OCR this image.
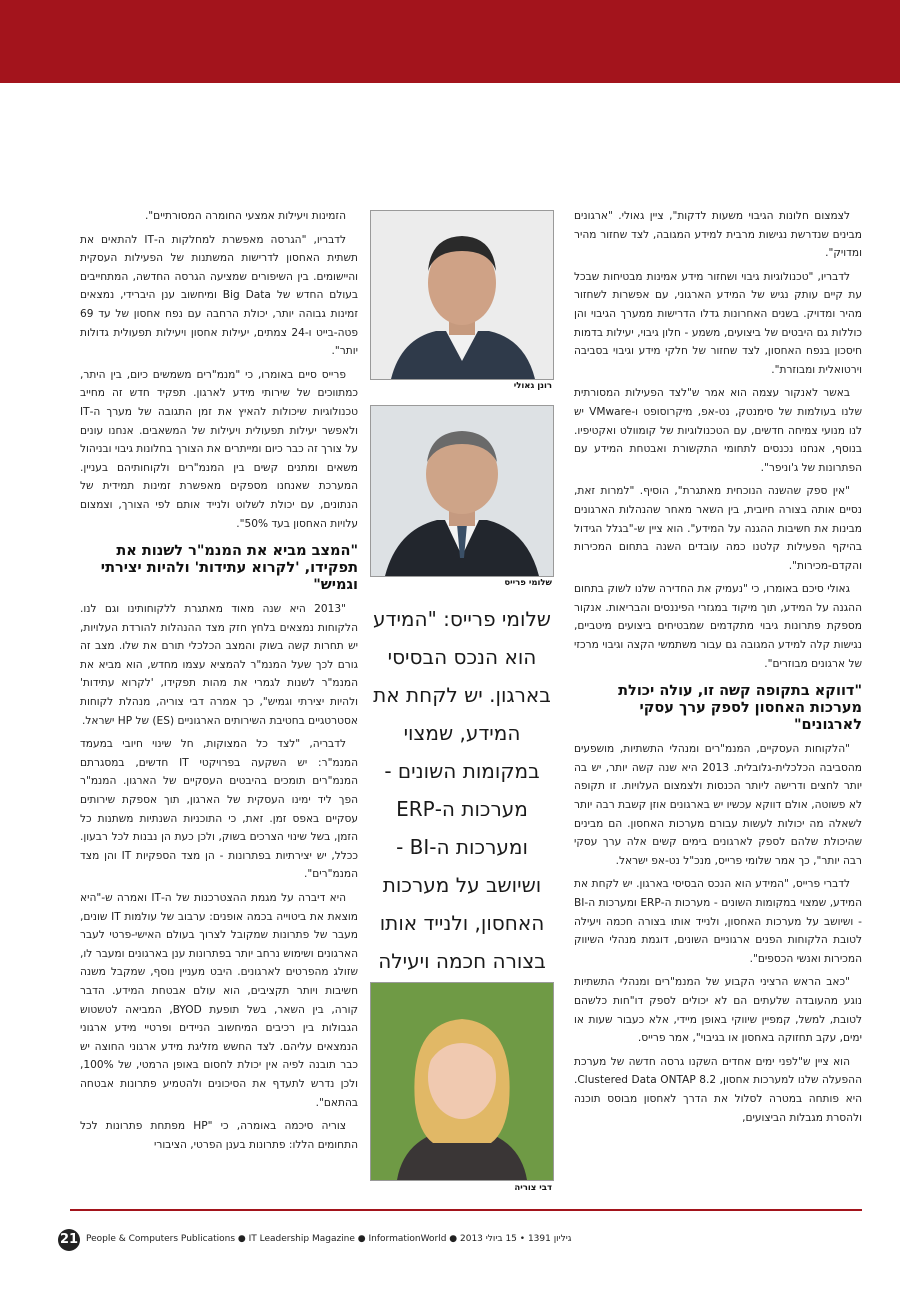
לצמצום חלונות הגיבוי משעות לדקות", ציין גאולי. "ארגונים מבינים שנדרשת נגישות מרבית למידע המגובה, לצד שחזור מהיר ומדויק".

לדבריו, "טכנולוגיות גיבוי ושחזור מידע אמינות מבטיחות שבכל עת קיים עותק נגיש של המידע הארגוני, עם אפשרות לשחזור מהיר ומדויק. בשנים האחרונות גדלו הדרישות ממערך הגיבוי והן כוללות גם היבטים של ביצועים, משמע - חלון גיבוי, יעילות בדמות חיסכון בנפח האחסון, לצד שחזור של חלקי מידע וגיבוי בסביבה וירטואלית ומבוזרת".

באשר לאנקור עצמה הוא אמר ש"לצד הפעילות המסורתית שלנו בעולמות של סימנטק, נט-אפ, מיקרוסופט ו-VMware יש לנו מנועי צמיחה חדשים, עם הטכנולוגיות של קומוולט ואקטיפיו. בנוסף, אנחנו נכנסים לתחומי התקשורת ואבטחת המידע עם הפתרונות של ג'וניפר".

"אין ספק שהשנה הנוכחית מאתגרת", הוסיף. "למרות זאת, נסיים אותה בצורה חיובית, בין השאר מאחר שהנהלות הארגונים מבינות את חשיבות ההגנה על המידע". הוא ציין ש-"בגלל הגידול בהיקף הפעילות קלטנו כמה עובדים השנה בתחום המכירות והקדם-מכירות".

גאולי סיכם באומרו, כי "נעמיק את החדירה שלנו לשוק בתחום ההגנה על המידע, תוך מיקוד במגזרי הפיננסים והבריאות. אנקור מספקת פתרונות גיבוי מתקדמים שמבטיחים ביצועים מיטביים, נגישות קלה למידע המגובה גם עבור משתמשי הקצה וגיבוי מרכזי של ארגונים מבוזרים".

"דווקא בתקופה קשה זו, עולה יכולת מערכות האחסון לספק ערך עסקי לארגונים"

"הלקוחות העסקיים, המנמ"רים ומנהלי התשתיות, מושפעים מהסביבה הכלכלית-גלובלית. 2013 היא שנה קשה יותר, יש בה יותר לחצים ודרישה ליותר הכנסות ולצמצום העלויות. זו תקופה לא פשוטה, אולם דווקא עכשיו יש בארגונים אוזן קשבת רבה יותר לשאלה מה יכולות לעשות עבורם מערכות האחסון. הם מבינים שהיכולת שלהם לספק לארגונים בימים קשים אלה ערך עסקי רבה יותר", כך אמר שלומי פרייס, מנכ"ל נט-אפ ישראל.

לדברי פרייס, "המידע הוא הנכס הבסיסי בארגון. יש לקחת את המידע, שמצוי במקומות השונים - מערכות ה-ERP ומערכות ה-BI - ושיושב על מערכות האחסון, ולנייד אותו בצורה חכמה ויעילה לטובת הלקוחות הפנים ארגוניים השונים, דוגמת מנהלי השיווק המכירות ואנשי הכספים".

"כאב הראש הרציני הקבוע של המנמ"רים ומנהלי התשתיות נוגע מהעובדה שלעתים הם לא יכולים לספק דו"חות כלשהם לטובת, למשל, קמפיין שיווקי באופן מיידי, אלא כעבור שעות או ימים, עקב תחזוקה באחסון או בגיבוי", אמר פרייס.

הוא ציין ש"לפני ימים אחדים השקנו גרסה חדשה של מערכת ההפעלה שלנו למערכות אחסון, Clustered Data ONTAP 8.2. היא פותחה במטרה לסלול את הדרך לאחסון מבוסס תוכנה ולהסרת מגבלות הביצועים,

רונן גאולי
שלומי פרייס
שלומי פרייס: "המידע הוא הנכס הבסיסי בארגון. יש לקחת את המידע, שמצוי במקומות השונים - מערכות ה-ERP ומערכות ה-BI - ושיושב על מערכות האחסון, ולנייד אותו בצורה חכמה ויעילה
דבי צוריה

הזמינות ויעילות אמצעי החומרה המסורתיים".

לדבריו, "הגרסה מאפשרת למחלקות ה-IT להתאים את תשתית האחסון לדרישות המשתנות של הפעילות העסקית והיישומים. בין השיפורים שמציעה הגרסה החדשה, המתחייבים בעולם החדש של Big Data ומיחשוב ענן היברידי, נמצאים זמינות גבוהה יותר, יכולת הרחבה עם נפח אחסון של עד 69 פטה-בייט ו-24 צמתים, יעילות אחסון ויעילות תפעולית גדולות יותר".

פרייס סיים באומרו, כי "מנמ"רים משמשים כיום, בין היתר, כמתווכים של שירותי מידע לארגון. תפקיד חדש זה מחייב טכנולוגיות שיכולות להאיץ את זמן התגובה של מערך ה-IT ולאפשר יעילות תפעולית ויעילות של המשאבים. אנחנו עונים על צורך זה כבר כיום ומייתרים את הצורך בחלונות גיבוי ובניהול משאים ומתנים קשים בין המנמ"רים ולקוחותיהם בעניין. המערכת שאנחנו מספקים מאפשרת זמינות תמידית של הנתונים, עם יכולת לשלוט ולנייד אותם לפי הצורך, וצמצום עלויות האחסון בעד 50%".

"המצב מביא את המנמ"ר לשנות את תפקידו, 'לקרוא עתידות' ולהיות יצירתי וגמיש"

"2013 היא שנה מאוד מאתגרת ללקוחותינו וגם לנו. הלקוחות נמצאים בלחץ חזק מצד ההנהלות להורדת העלויות, יש תחרות קשה בשוק והמצב הכלכלי תורם את שלו. מצב זה גורם לכך שעל המנמ"ר להמציא עצמו מחדש, הוא מביא את המנמ"ר לשנות לגמרי את מהות תפקידו, 'לקרוא עתידות' ולהיות יצירתי וגמיש", כך אמרה דבי צוריה, מנהלת לקוחות אסטרטגיים בחטיבת השירותים הארגוניים (ES) של HP ישראל.

לדבריה, "לצד כל המצוקות, חל שינוי חיובי במעמד המנמ"ר: יש השקעה בפרויקטי IT חדשים, במסגרתם המנמ"רים תומכים בהיבטים העסקיים של הארגון. המנמ"ר הפך ליד ימינו העסקית של הארגון, תוך אספקת שירותים עסקיים באפס זמן. זאת, כי התוכניות השנתיות משתנות כל הזמן, בשל שינוי הצרכים בשוק, ולכן כעת הן נבנות לכל רבעון. ככלל, יש יצירתיות בפתרונות - הן מצד הספקיות IT והן מצד המנמ"רים".

היא דיברה על מגמת ההצטרכנות של ה-IT ואמרה ש-"היא מוצאת את ביטוייה בכמה אופנים: ערבוב של עולמות IT שונים, מעבר של פתרונות שמקובל לצרוך בעולם האישי-פרטי לעבר הארגונים ושימוש נרחב יותר בפתרונות ענן בארגונים ומעבר לו, שזולג מהפרטים לארגונים. היבט מעניין נוסף, שמקבל משנה חשיבות ויותר תקציבים, הוא עולם אבטחת המידע. הדבר קורה, בין השאר, בשל תופעת BYOD, המביאה לטשטוש הגבולות בין רכיבים המיחשוב הניידים ופרטיי מידע ארגוני הנמצאים עליהם. לצד החשש מזליגת מידע ארגוני החוצה יש כבר תובנה לפיה אין יכולת לחסום באופן הרמטי, של 100%, ולכן נדרש לתעדף את הסיכונים ולהטמיע פתרונות אבטחה בהתאם".

צוריה סיכמה באומרה, כי "HP מפתחת פתרונות לכל התחומים הללו: פתרונות בענן הפרטי, הציבורי

21 People & Computers Publications ● IT Leadership Magazine ● InformationWorld ● 2013 גיליון 1391 • 15 ביולי
